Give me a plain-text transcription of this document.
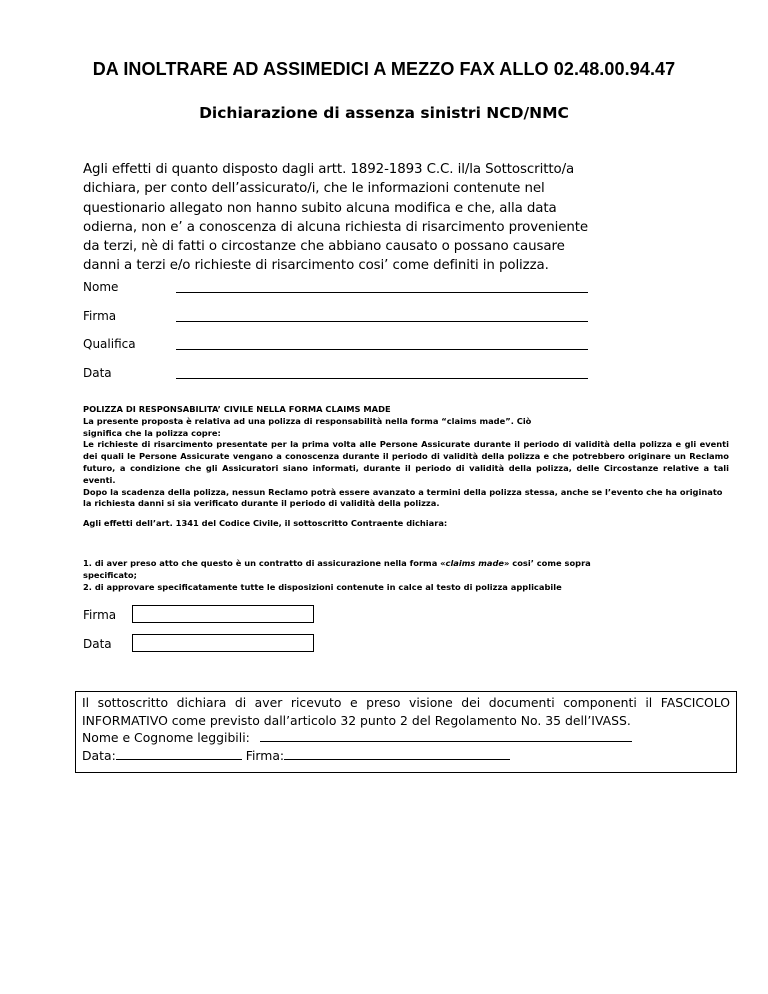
DA INOLTRARE AD ASSIMEDICI A MEZZO FAX ALLO 02.48.00.94.47
Dichiarazione di assenza sinistri NCD/NMC
Agli effetti di quanto disposto dagli artt. 1892-1893 C.C. il/la Sottoscritto/a
dichiara, per conto dell’assicurato/i, che le informazioni contenute nel
questionario allegato non hanno subito alcuna modifica e che, alla data
odierna, non e’ a conoscenza di alcuna richiesta di risarcimento proveniente
da terzi, nè di fatti o circostanze che abbiano causato o possano causare
danni a terzi e/o richieste di risarcimento cosi’ come definiti in polizza.
Nome
Firma
Qualifica
Data

POLIZZA DI RESPONSABILITA’ CIVILE NELLA FORMA CLAIMS MADE

La presente proposta è relativa ad una polizza di responsabilità nella forma “claims made”. Ciò

significa che la polizza copre:

Le richieste di risarcimento presentate per la prima volta alle Persone Assicurate durante il periodo di validità della polizza e gli eventi dei quali le Persone Assicurate vengano a conoscenza durante il periodo di validità della polizza e che potrebbero originare un Reclamo futuro, a condizione che gli Assicuratori siano informati, durante il periodo di validità della polizza, delle Circostanze relative a tali eventi.

Dopo la scadenza della polizza, nessun Reclamo potrà essere avanzato a termini della polizza stessa, anche se l’evento che ha originato la richiesta danni si sia verificato durante il periodo di validità della polizza.

Agli effetti dell’art. 1341 del Codice Civile, il sottoscritto Contraente dichiara:

1. di aver preso atto che questo è un contratto di assicurazione nella forma «claims made» cosi’ come sopra

specificato;

2. di approvare specificatamente tutte le disposizioni contenute in calce al testo di polizza applicabile

Firma
Data
Il sottoscritto dichiara di aver ricevuto e preso visione dei documenti componenti il FASCICOLO INFORMATIVO come previsto dall’articolo 32 punto 2 del Regolamento No. 35 dell’IVASS.
Nome e Cognome leggibili:
Data:	Firma:
